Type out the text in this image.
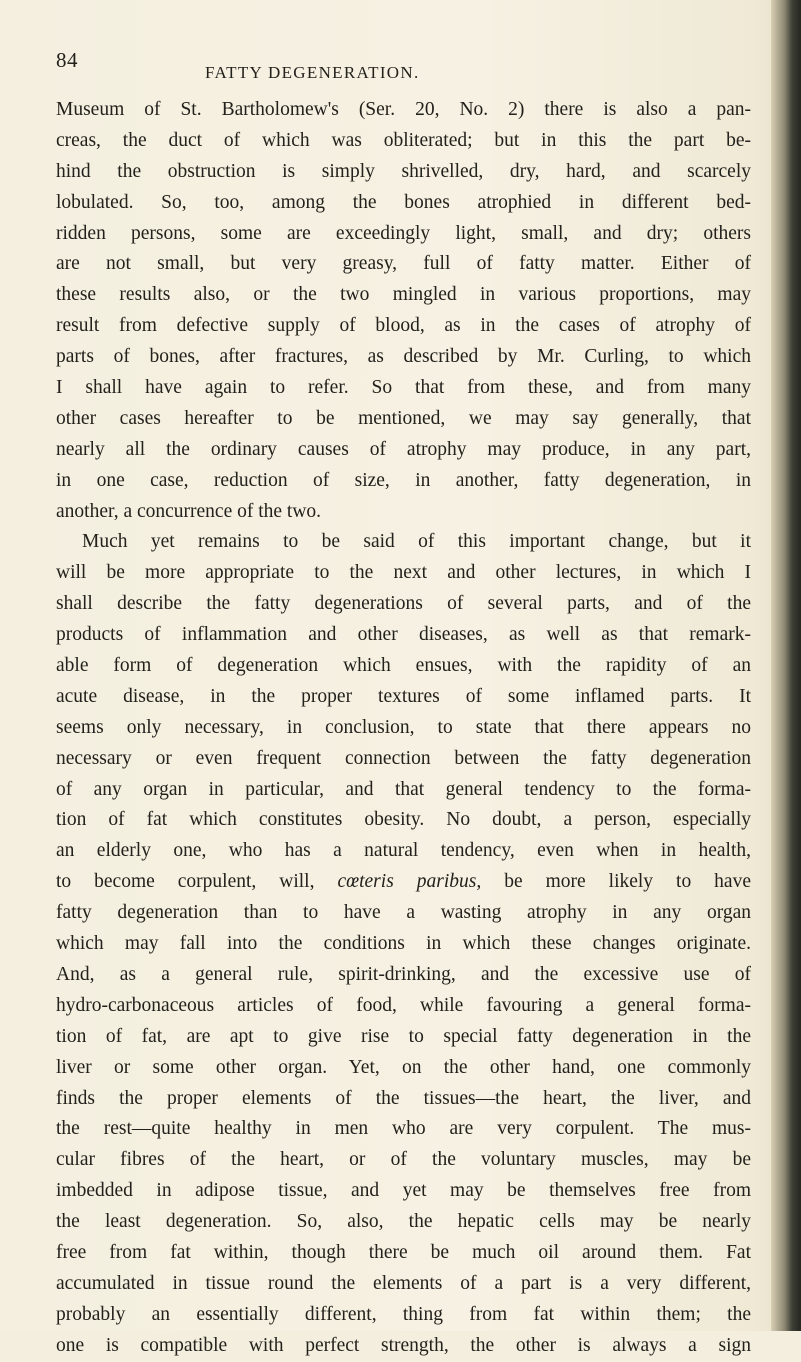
84
FATTY DEGENERATION.
Museum of St. Bartholomew's (Ser. 20, No. 2) there is also a pan-
creas, the duct of which was obliterated; but in this the part be-
hind the obstruction is simply shrivelled, dry, hard, and scarcely
lobulated. So, too, among the bones atrophied in different bed-
ridden persons, some are exceedingly light, small, and dry; others
are not small, but very greasy, full of fatty matter. Either of
these results also, or the two mingled in various proportions, may
result from defective supply of blood, as in the cases of atrophy of
parts of bones, after fractures, as described by Mr. Curling, to which
I shall have again to refer. So that from these, and from many
other cases hereafter to be mentioned, we may say generally, that
nearly all the ordinary causes of atrophy may produce, in any part,
in one case, reduction of size, in another, fatty degeneration, in
another, a concurrence of the two.
Much yet remains to be said of this important change, but it
will be more appropriate to the next and other lectures, in which I
shall describe the fatty degenerations of several parts, and of the
products of inflammation and other diseases, as well as that remark-
able form of degeneration which ensues, with the rapidity of an
acute disease, in the proper textures of some inflamed parts. It
seems only necessary, in conclusion, to state that there appears no
necessary or even frequent connection between the fatty degeneration
of any organ in particular, and that general tendency to the forma-
tion of fat which constitutes obesity. No doubt, a person, especially
an elderly one, who has a natural tendency, even when in health,
to become corpulent, will, cœteris paribus, be more likely to have
fatty degeneration than to have a wasting atrophy in any organ
which may fall into the conditions in which these changes originate.
And, as a general rule, spirit-drinking, and the excessive use of
hydro-carbonaceous articles of food, while favouring a general forma-
tion of fat, are apt to give rise to special fatty degeneration in the
liver or some other organ. Yet, on the other hand, one commonly
finds the proper elements of the tissues—the heart, the liver, and
the rest—quite healthy in men who are very corpulent. The mus-
cular fibres of the heart, or of the voluntary muscles, may be
imbedded in adipose tissue, and yet may be themselves free from
the least degeneration. So, also, the hepatic cells may be nearly
free from fat within, though there be much oil around them. Fat
accumulated in tissue round the elements of a part is a very different,
probably an essentially different, thing from fat within them; the
one is compatible with perfect strength, the other is always a sign
